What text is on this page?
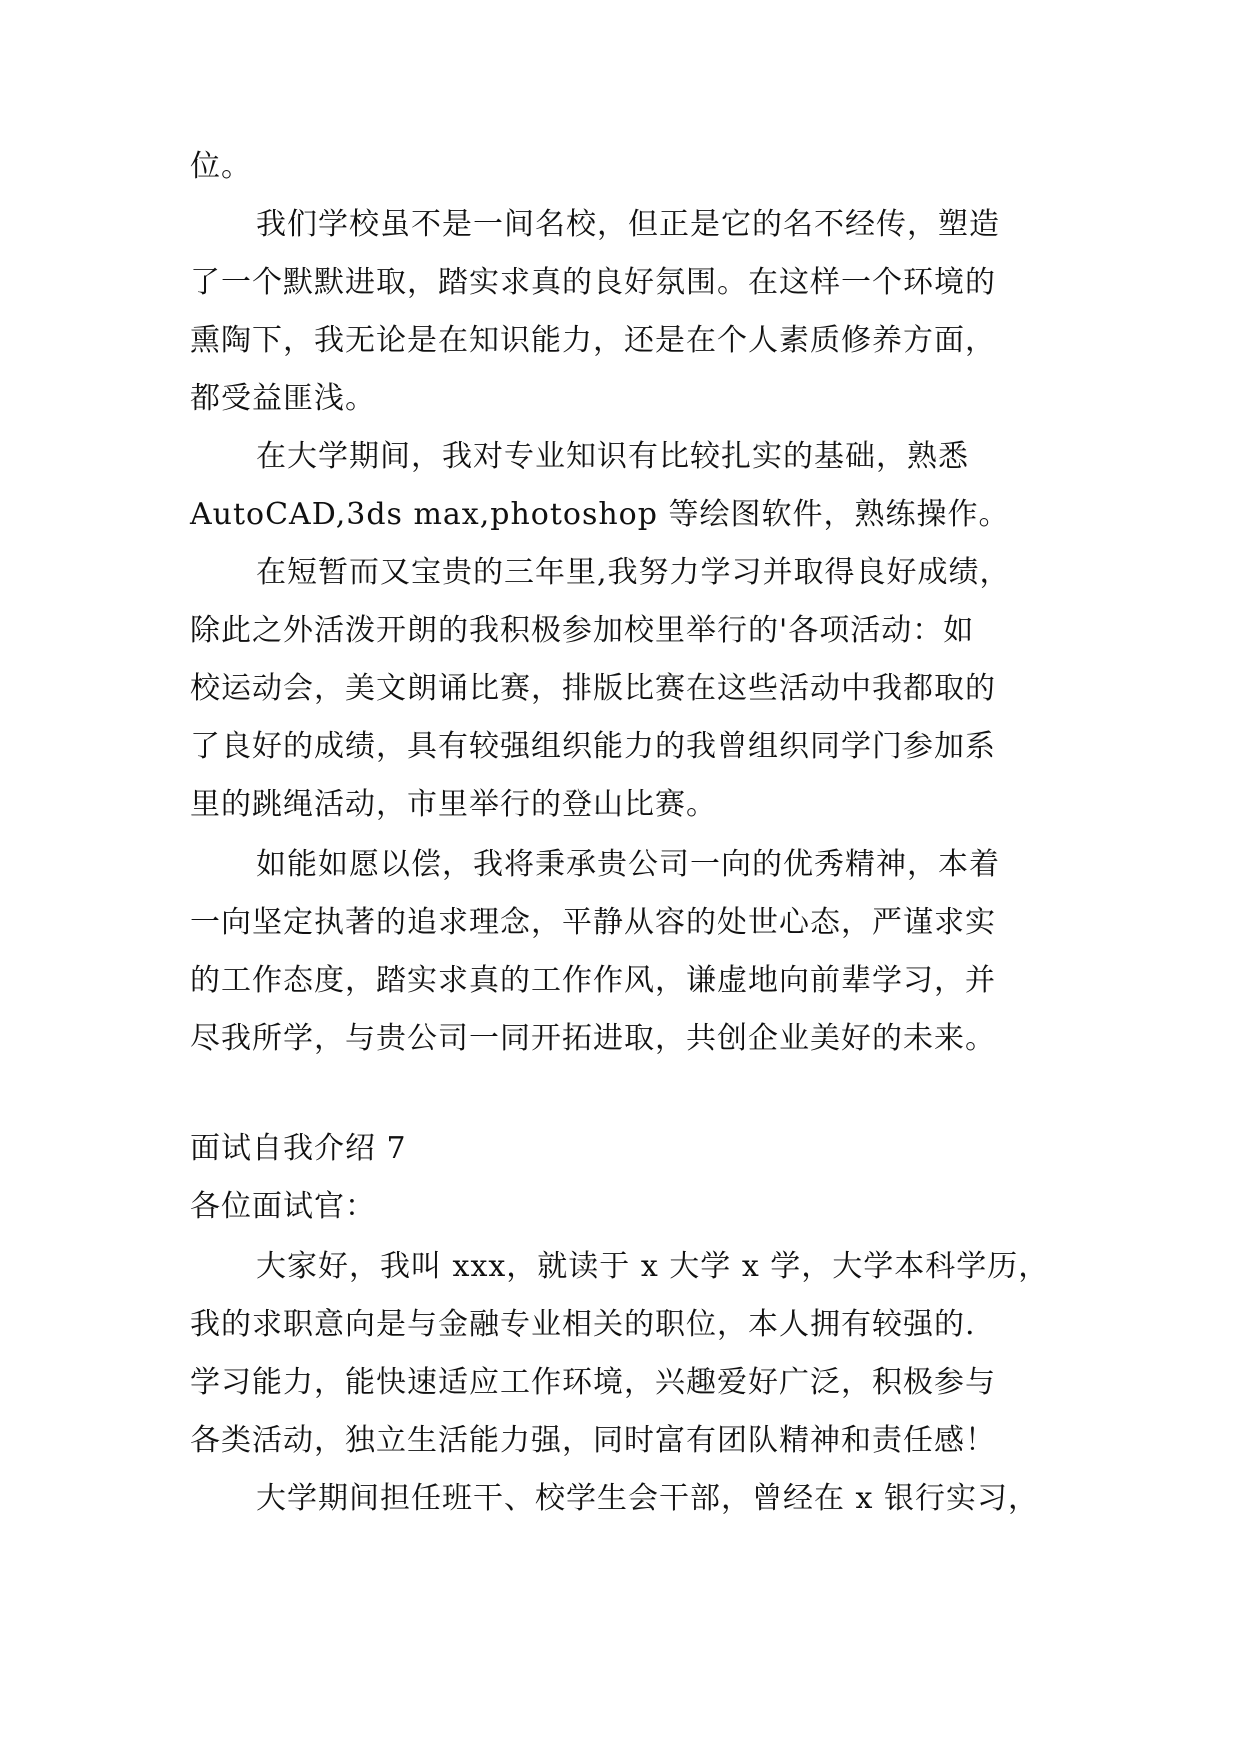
位。
我们学校虽不是一间名校，但正是它的名不经传，塑造
了一个默默进取，踏实求真的良好氛围。在这样一个环境的
熏陶下，我无论是在知识能力，还是在个人素质修养方面，
都受益匪浅。
在大学期间，我对专业知识有比较扎实的基础，熟悉
AutoCAD,3ds max,photoshop 等绘图软件，熟练操作。
在短暂而又宝贵的三年里,我努力学习并取得良好成绩，
除此之外活泼开朗的我积极参加校里举行的'各项活动：如
校运动会，美文朗诵比赛，排版比赛在这些活动中我都取的
了良好的成绩，具有较强组织能力的我曾组织同学门参加系
里的跳绳活动，市里举行的登山比赛。
如能如愿以偿，我将秉承贵公司一向的优秀精神，本着
一向坚定执著的追求理念，平静从容的处世心态，严谨求实
的工作态度，踏实求真的工作作风，谦虚地向前辈学习，并
尽我所学，与贵公司一同开拓进取，共创企业美好的未来。
面试自我介绍 7
各位面试官：
大家好，我叫 xxx，就读于 x 大学 x 学，大学本科学历，
我的求职意向是与金融专业相关的职位，本人拥有较强的.
学习能力，能快速适应工作环境，兴趣爱好广泛，积极参与
各类活动，独立生活能力强，同时富有团队精神和责任感！
大学期间担任班干、校学生会干部，曾经在 x 银行实习，
